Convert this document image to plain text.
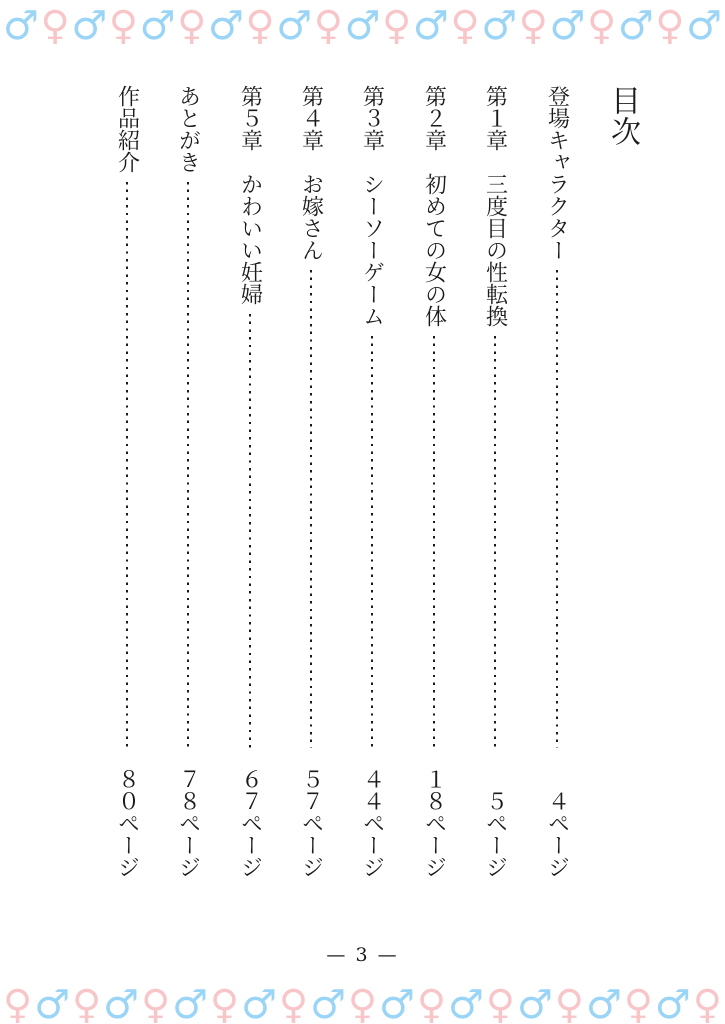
♂ ♀ ♂ ♀ ♂ ♀ ♂ ♀ ♂ ♀ ♂ ♀ ♂ ♀ ♂ ♀ ♂ ♀ ♂ ♀ ♂
目次
登場キャラクター
４ページ
第１章　三度目の性転換
５ページ
第２章　初めての女の体
１８ページ
第３章　シーソーゲーム
４４ページ
第４章　お嫁さん
５７ページ
第５章　かわいい妊婦
６７ページ
あとがき
７８ページ
作品紹介
８０ページ
— 3 —
♀ ♂ ♀ ♂ ♀ ♂ ♀ ♂ ♀ ♂ ♀ ♂ ♀ ♂ ♀ ♂ ♀ ♂ ♀ ♂ ♀
